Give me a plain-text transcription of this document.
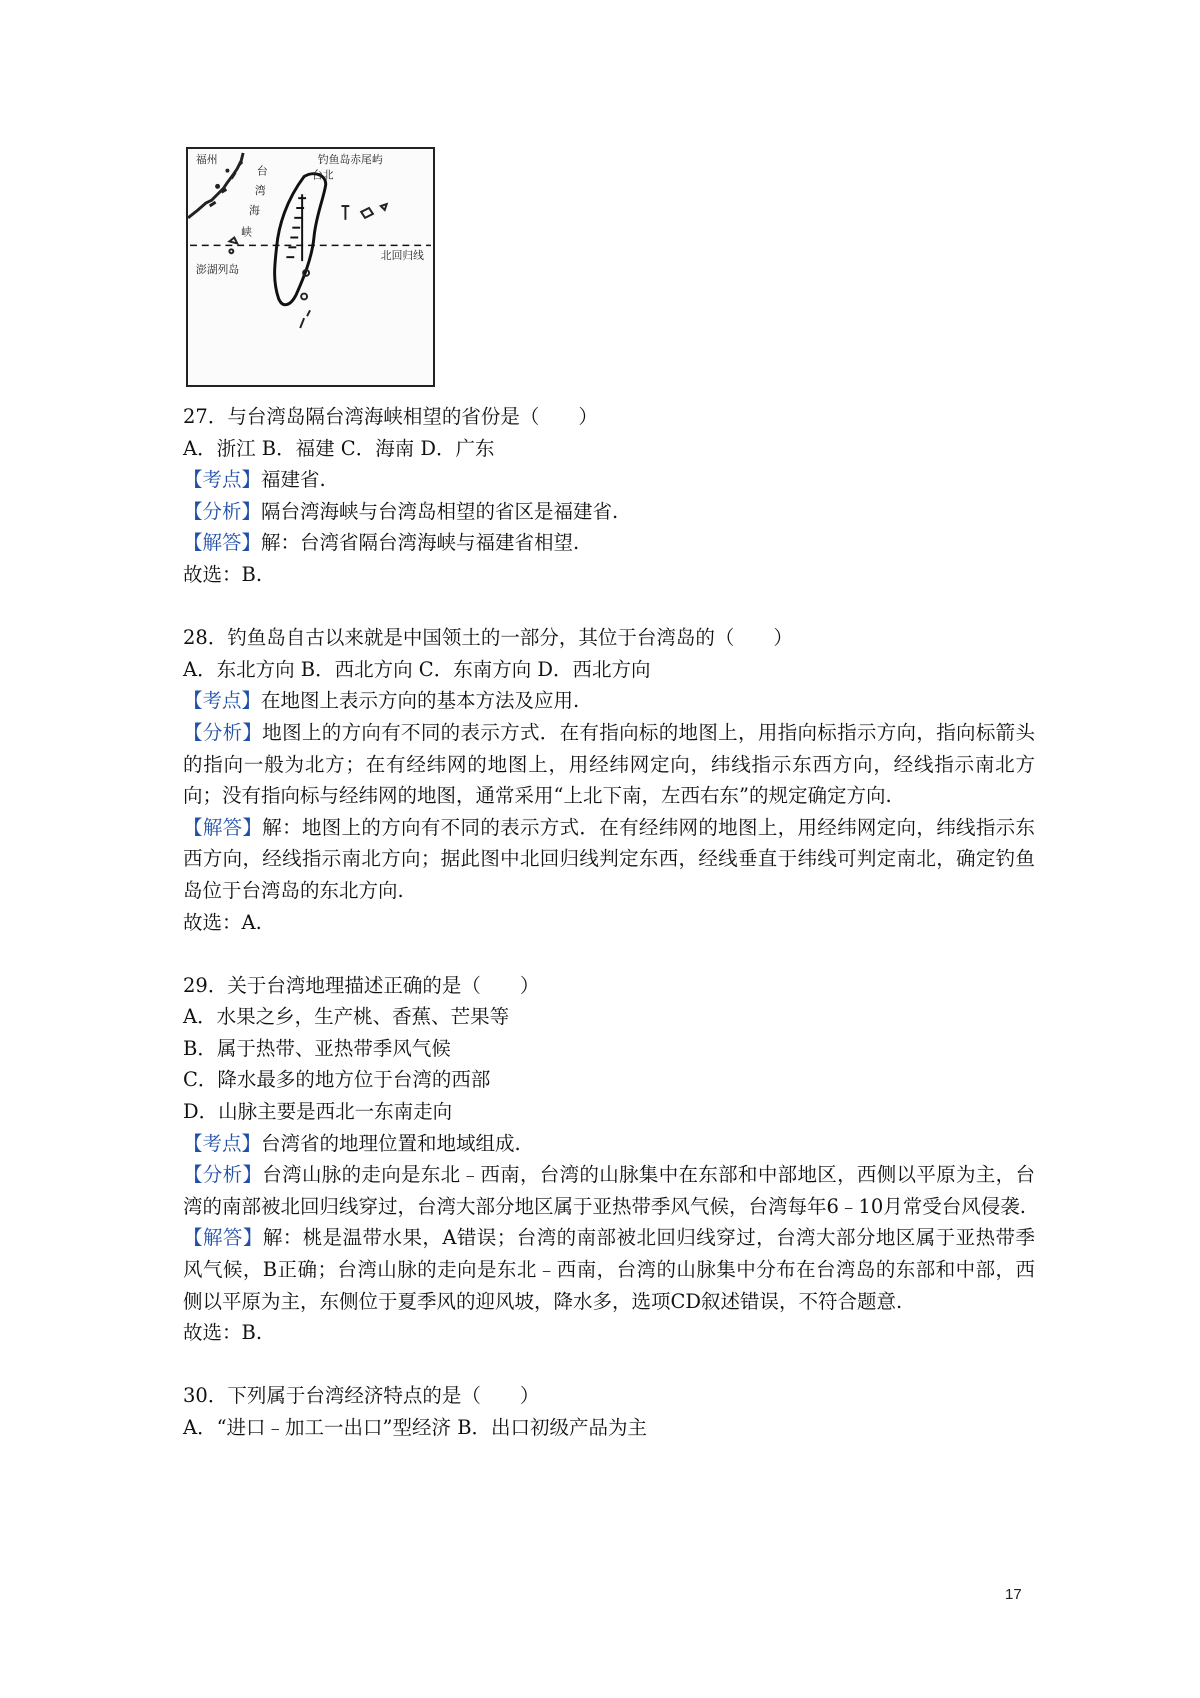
福州
台
湾
海
峡
钓鱼岛赤尾屿
台北
澎湖列岛
北回归线
27．与台湾岛隔台湾海峡相望的省份是（　　）
A．浙江 B．福建 C．海南 D．广东
【考点】福建省.
【分析】隔台湾海峡与台湾岛相望的省区是福建省.
【解答】解：台湾省隔台湾海峡与福建省相望.
故选：B.
28．钓鱼岛自古以来就是中国领土的一部分，其位于台湾岛的（　　）
A．东北方向 B．西北方向 C．东南方向 D．西北方向
【考点】在地图上表示方向的基本方法及应用.
【分析】地图上的方向有不同的表示方式．在有指向标的地图上，用指向标指示方向，指向标箭头的指向一般为北方；在有经纬网的地图上，用经纬网定向，纬线指示东西方向，经线指示南北方向；没有指向标与经纬网的地图，通常采用“上北下南，左西右东”的规定确定方向.
【解答】解：地图上的方向有不同的表示方式．在有经纬网的地图上，用经纬网定向，纬线指示东西方向，经线指示南北方向；据此图中北回归线判定东西，经线垂直于纬线可判定南北，确定钓鱼岛位于台湾岛的东北方向.
故选：A.
29．关于台湾地理描述正确的是（　　）
A．水果之乡，生产桃、香蕉、芒果等
B．属于热带、亚热带季风气候
C．降水最多的地方位于台湾的西部
D．山脉主要是西北一东南走向
【考点】台湾省的地理位置和地域组成.
【分析】台湾山脉的走向是东北﹣西南，台湾的山脉集中在东部和中部地区，西侧以平原为主，台湾的南部被北回归线穿过，台湾大部分地区属于亚热带季风气候，台湾每年6﹣10月常受台风侵袭.
【解答】解：桃是温带水果，A错误；台湾的南部被北回归线穿过，台湾大部分地区属于亚热带季风气候，B正确；台湾山脉的走向是东北﹣西南，台湾的山脉集中分布在台湾岛的东部和中部，西侧以平原为主，东侧位于夏季风的迎风坡，降水多，选项CD叙述错误，不符合题意.
故选：B.
30．下列属于台湾经济特点的是（　　）
A．“进口﹣加工一出口”型经济 B．出口初级产品为主
17
